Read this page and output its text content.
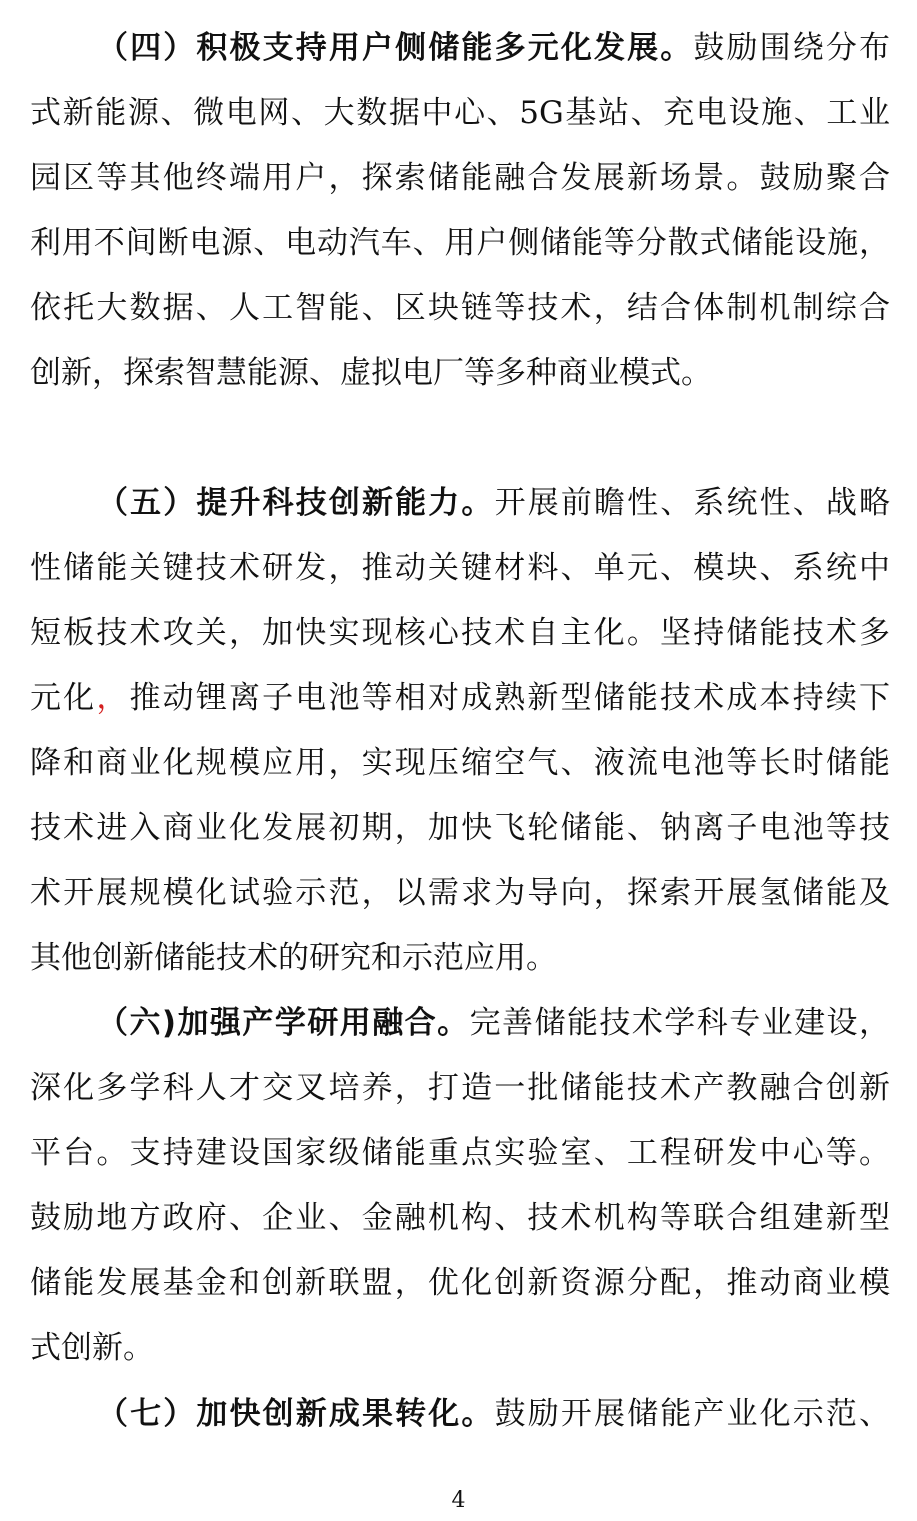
（四）积极支持用户侧储能多元化发展。鼓励围绕分布
式新能源、微电网、大数据中心、5G基站、充电设施、工业
园区等其他终端用户，探索储能融合发展新场景。鼓励聚合
利用不间断电源、电动汽车、用户侧储能等分散式储能设施，
依托大数据、人工智能、区块链等技术，结合体制机制综合
创新，探索智慧能源、虚拟电厂等多种商业模式。
（五）提升科技创新能力。开展前瞻性、系统性、战略
性储能关键技术研发，推动关键材料、单元、模块、系统中
短板技术攻关，加快实现核心技术自主化。坚持储能技术多
元化，推动锂离子电池等相对成熟新型储能技术成本持续下
降和商业化规模应用，实现压缩空气、液流电池等长时储能
技术进入商业化发展初期，加快飞轮储能、钠离子电池等技
术开展规模化试验示范，以需求为导向，探索开展氢储能及
其他创新储能技术的研究和示范应用。
（六)加强产学研用融合。完善储能技术学科专业建设，
深化多学科人才交叉培养，打造一批储能技术产教融合创新
平台。支持建设国家级储能重点实验室、工程研发中心等。
鼓励地方政府、企业、金融机构、技术机构等联合组建新型
储能发展基金和创新联盟，优化创新资源分配，推动商业模
式创新。
（七）加快创新成果转化。鼓励开展储能产业化示范、
4
